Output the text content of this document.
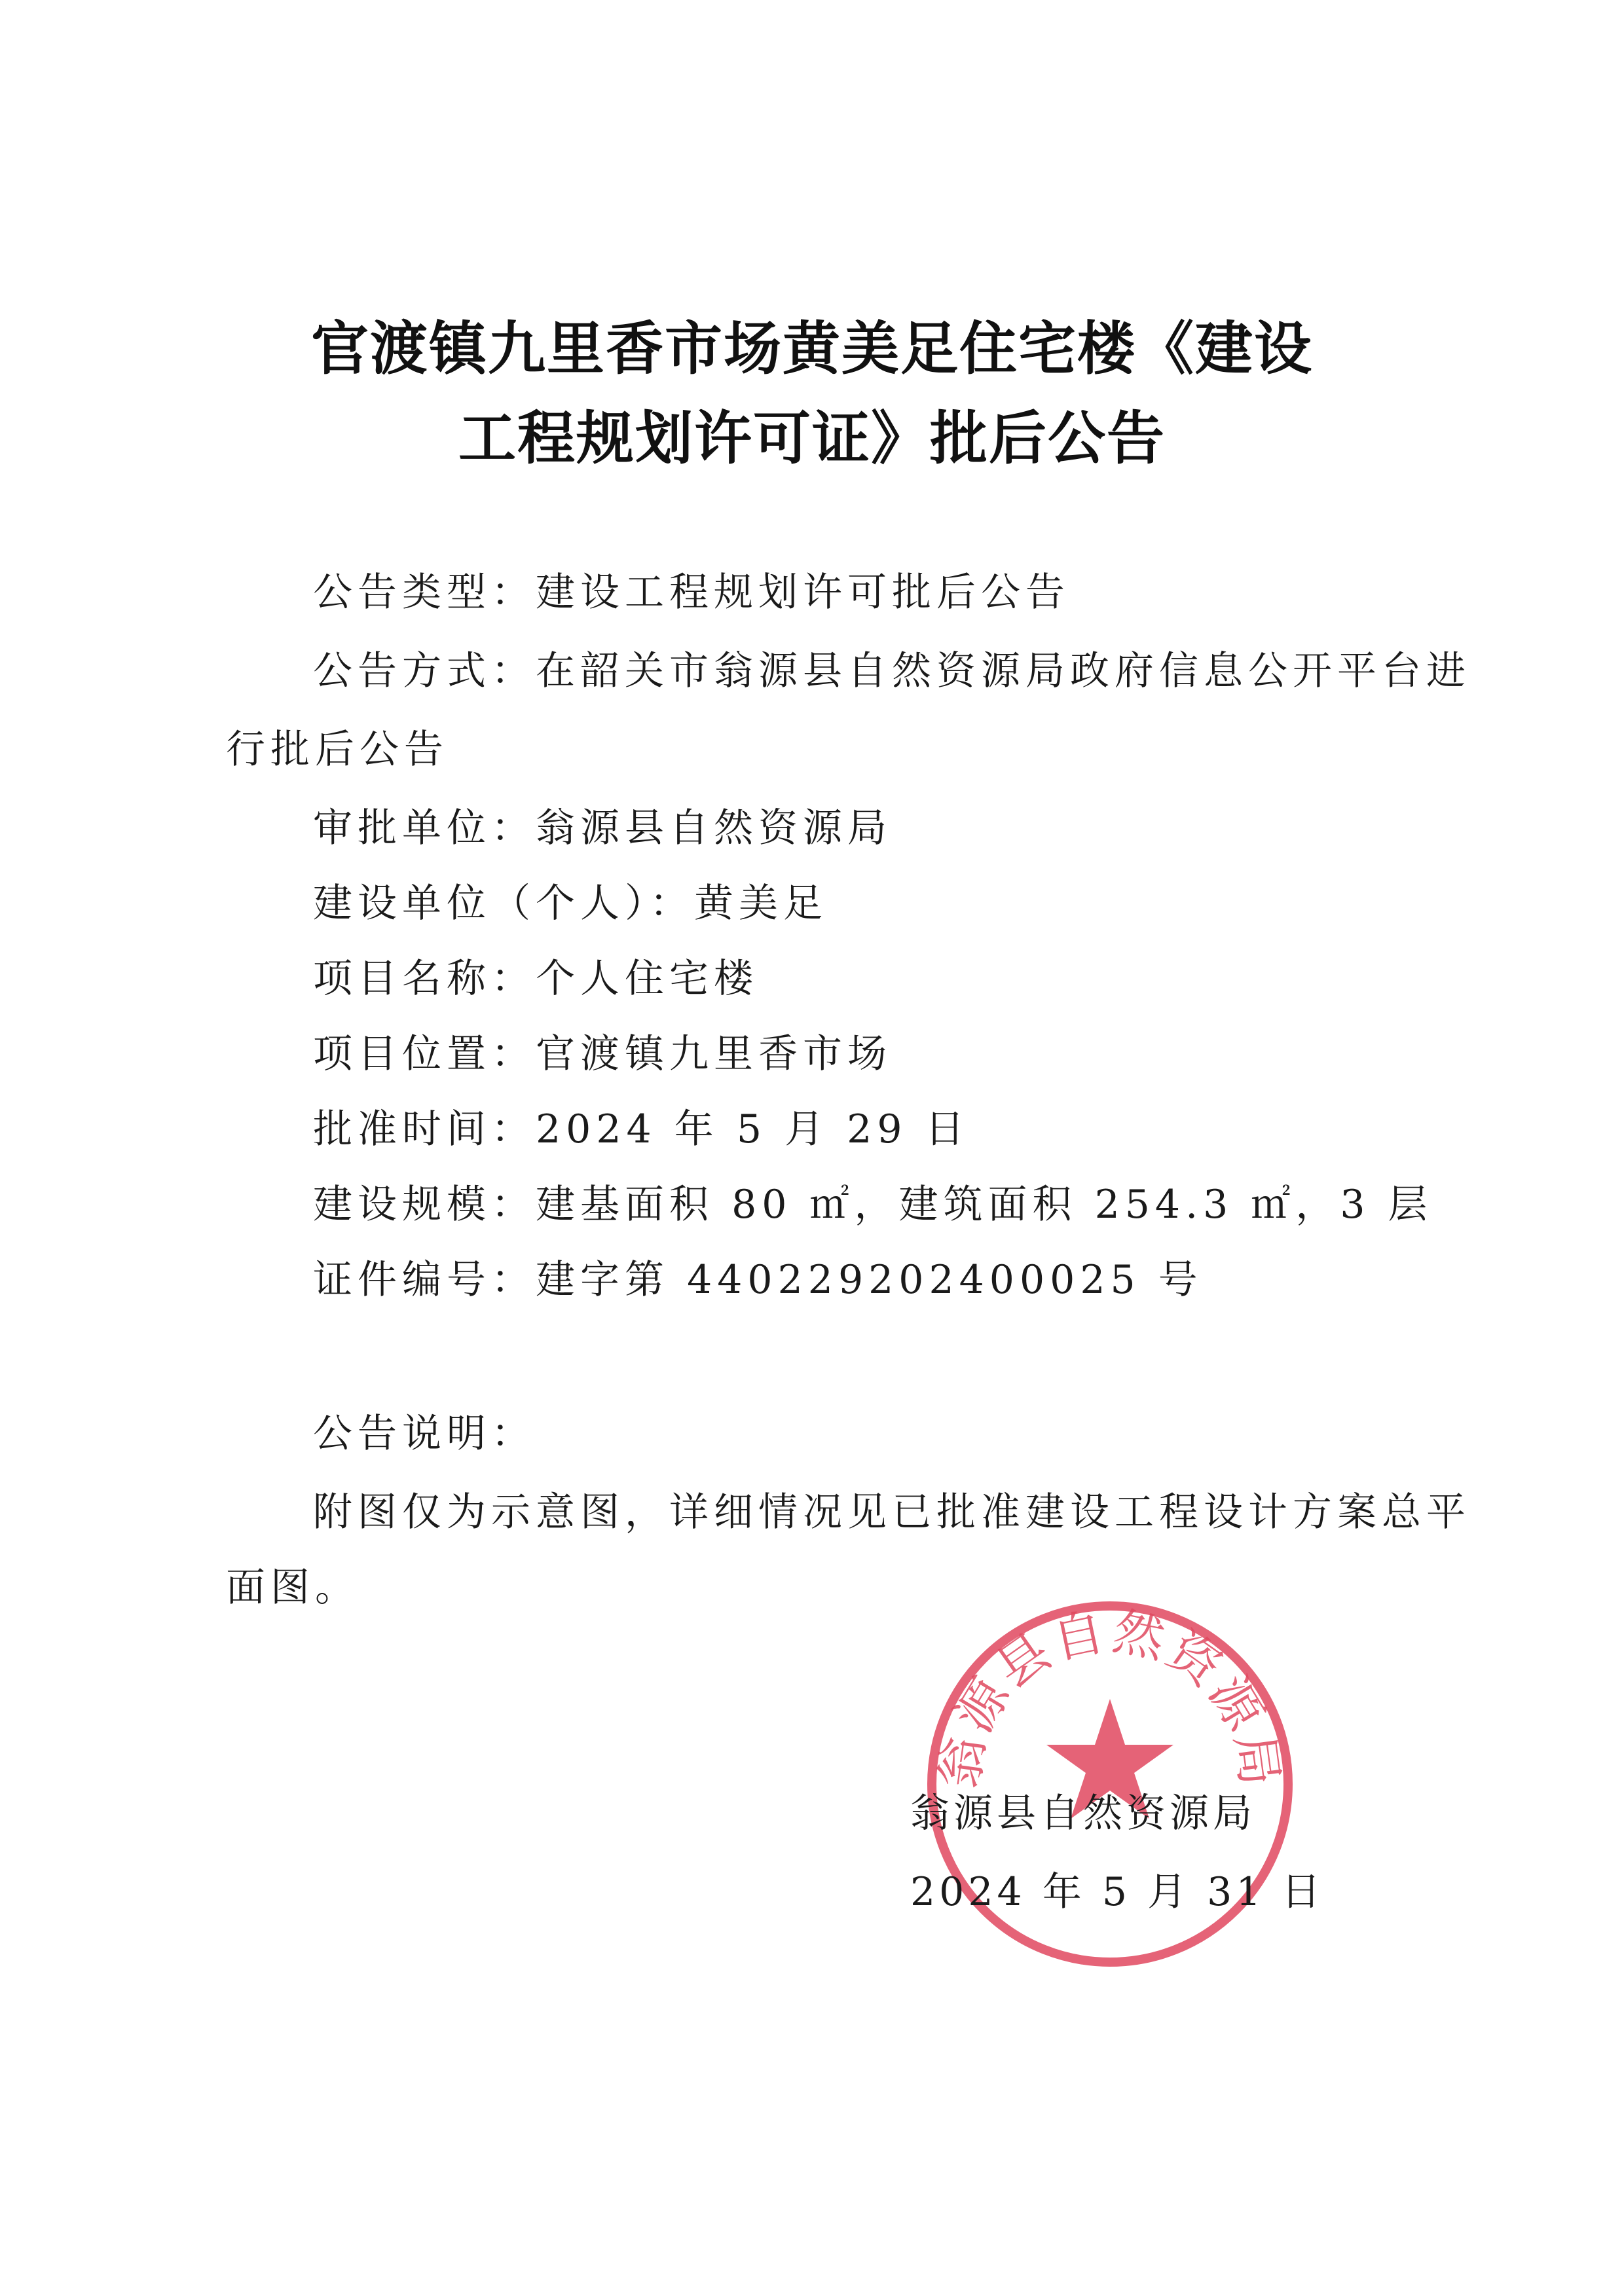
官渡镇九里香市场黄美足住宅楼《建设
工程规划许可证》批后公告
公告类型：建设工程规划许可批后公告
公告方式：在韶关市翁源县自然资源局政府信息公开平台进
行批后公告
审批单位：翁源县自然资源局
建设单位（个人）：黄美足
项目名称：个人住宅楼
项目位置：官渡镇九里香市场
批准时间：2024 年 5 月 29 日
建设规模：建基面积 80 ㎡，建筑面积 254.3 ㎡，3 层
证件编号：建字第 440229202400025 号
公告说明：
附图仅为示意图，详细情况见已批准建设工程设计方案总平
面图。
翁源县自然资源局
翁源县自然资源局
2024 年 5 月 31 日
